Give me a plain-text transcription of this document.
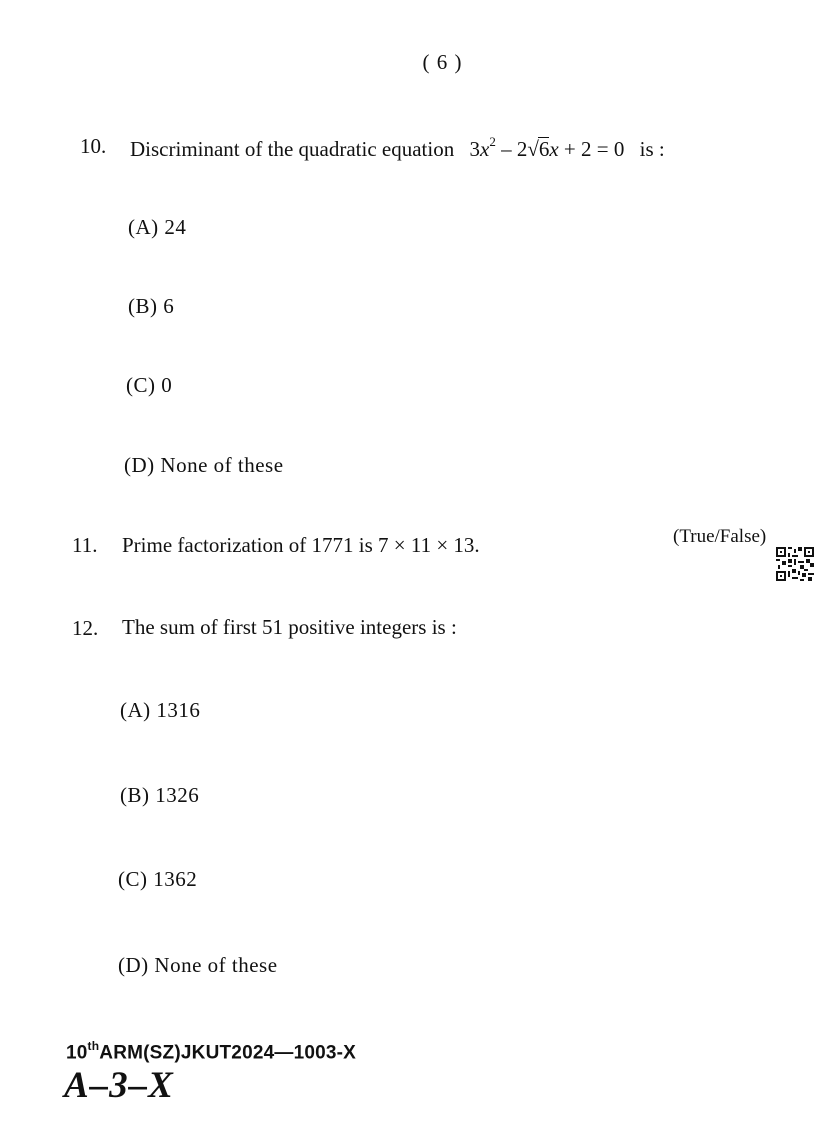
( 6 )
10. Discriminant of the quadratic equation $3x^2 - 2√6x + 2 = 0$ is :
(A) 24
(B) 6
(C) 0
(D) None of these
11. Prime factorization of 1771 is 7 × 11 × 13.	(True/False)
12. The sum of first 51 positive integers is :
(A) 1316
(B) 1326
(C) 1362
(D) None of these
10thARM(SZ)JKUT2024—1003-X
A–3–X
